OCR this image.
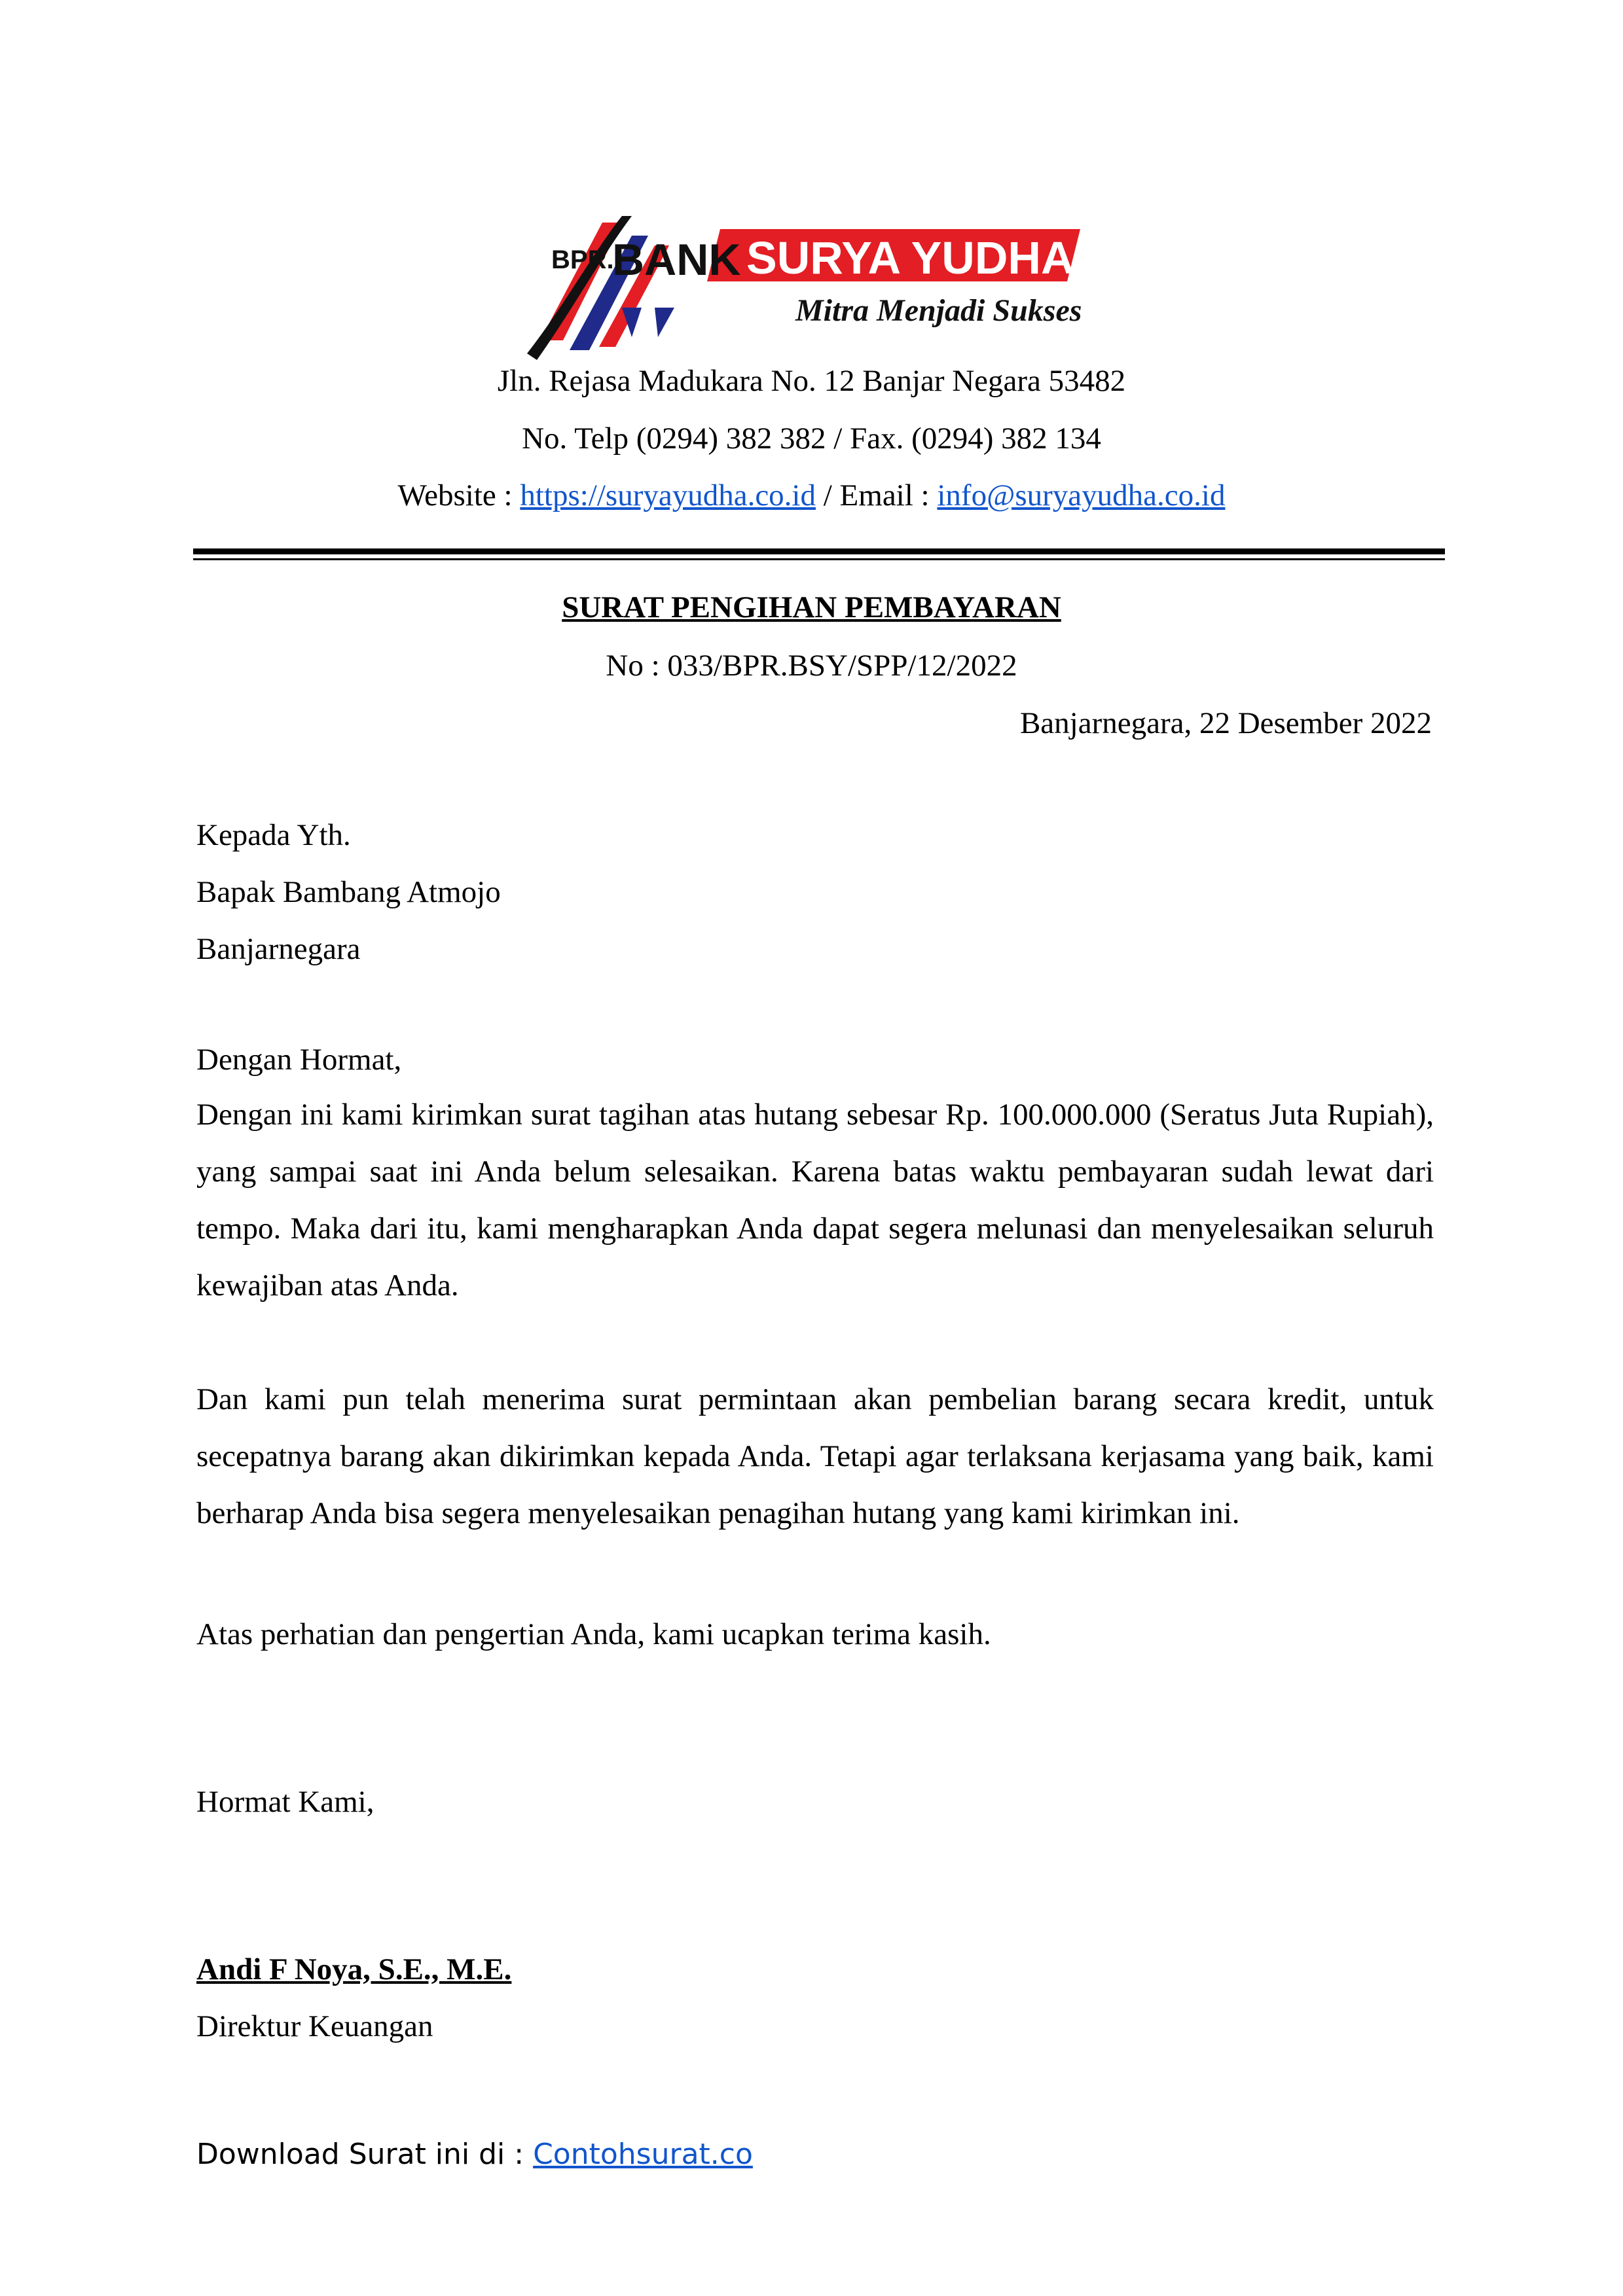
BPR.
BANK SURYA YUDHA
Mitra Menjadi Sukses
Jln. Rejasa Madukara No. 12 Banjar Negara 53482
No. Telp (0294) 382 382 / Fax. (0294) 382 134
Website : https://suryayudha.co.id / Email : info@suryayudha.co.id
SURAT PENGIHAN PEMBAYARAN
No : 033/BPR.BSY/SPP/12/2022
Banjarnegara, 22 Desember 2022
Kepada Yth.
Bapak Bambang Atmojo
Banjarnegara
Dengan Hormat,
Dengan ini kami kirimkan surat tagihan atas hutang sebesar Rp. 100.000.000 (Seratus Juta Rupiah), yang sampai saat ini Anda belum selesaikan. Karena batas waktu pembayaran sudah lewat dari tempo. Maka dari itu, kami mengharapkan Anda dapat segera melunasi dan menyelesaikan seluruh kewajiban atas Anda.
Dan kami pun telah menerima surat permintaan akan pembelian barang secara kredit, untuk secepatnya barang akan dikirimkan kepada Anda. Tetapi agar terlaksana kerjasama yang baik, kami berharap Anda bisa segera menyelesaikan penagihan hutang yang kami kirimkan ini.
Atas perhatian dan pengertian Anda, kami ucapkan terima kasih.
Hormat Kami,
Andi F Noya, S.E., M.E.
Direktur Keuangan
Download Surat ini di : Contohsurat.co
